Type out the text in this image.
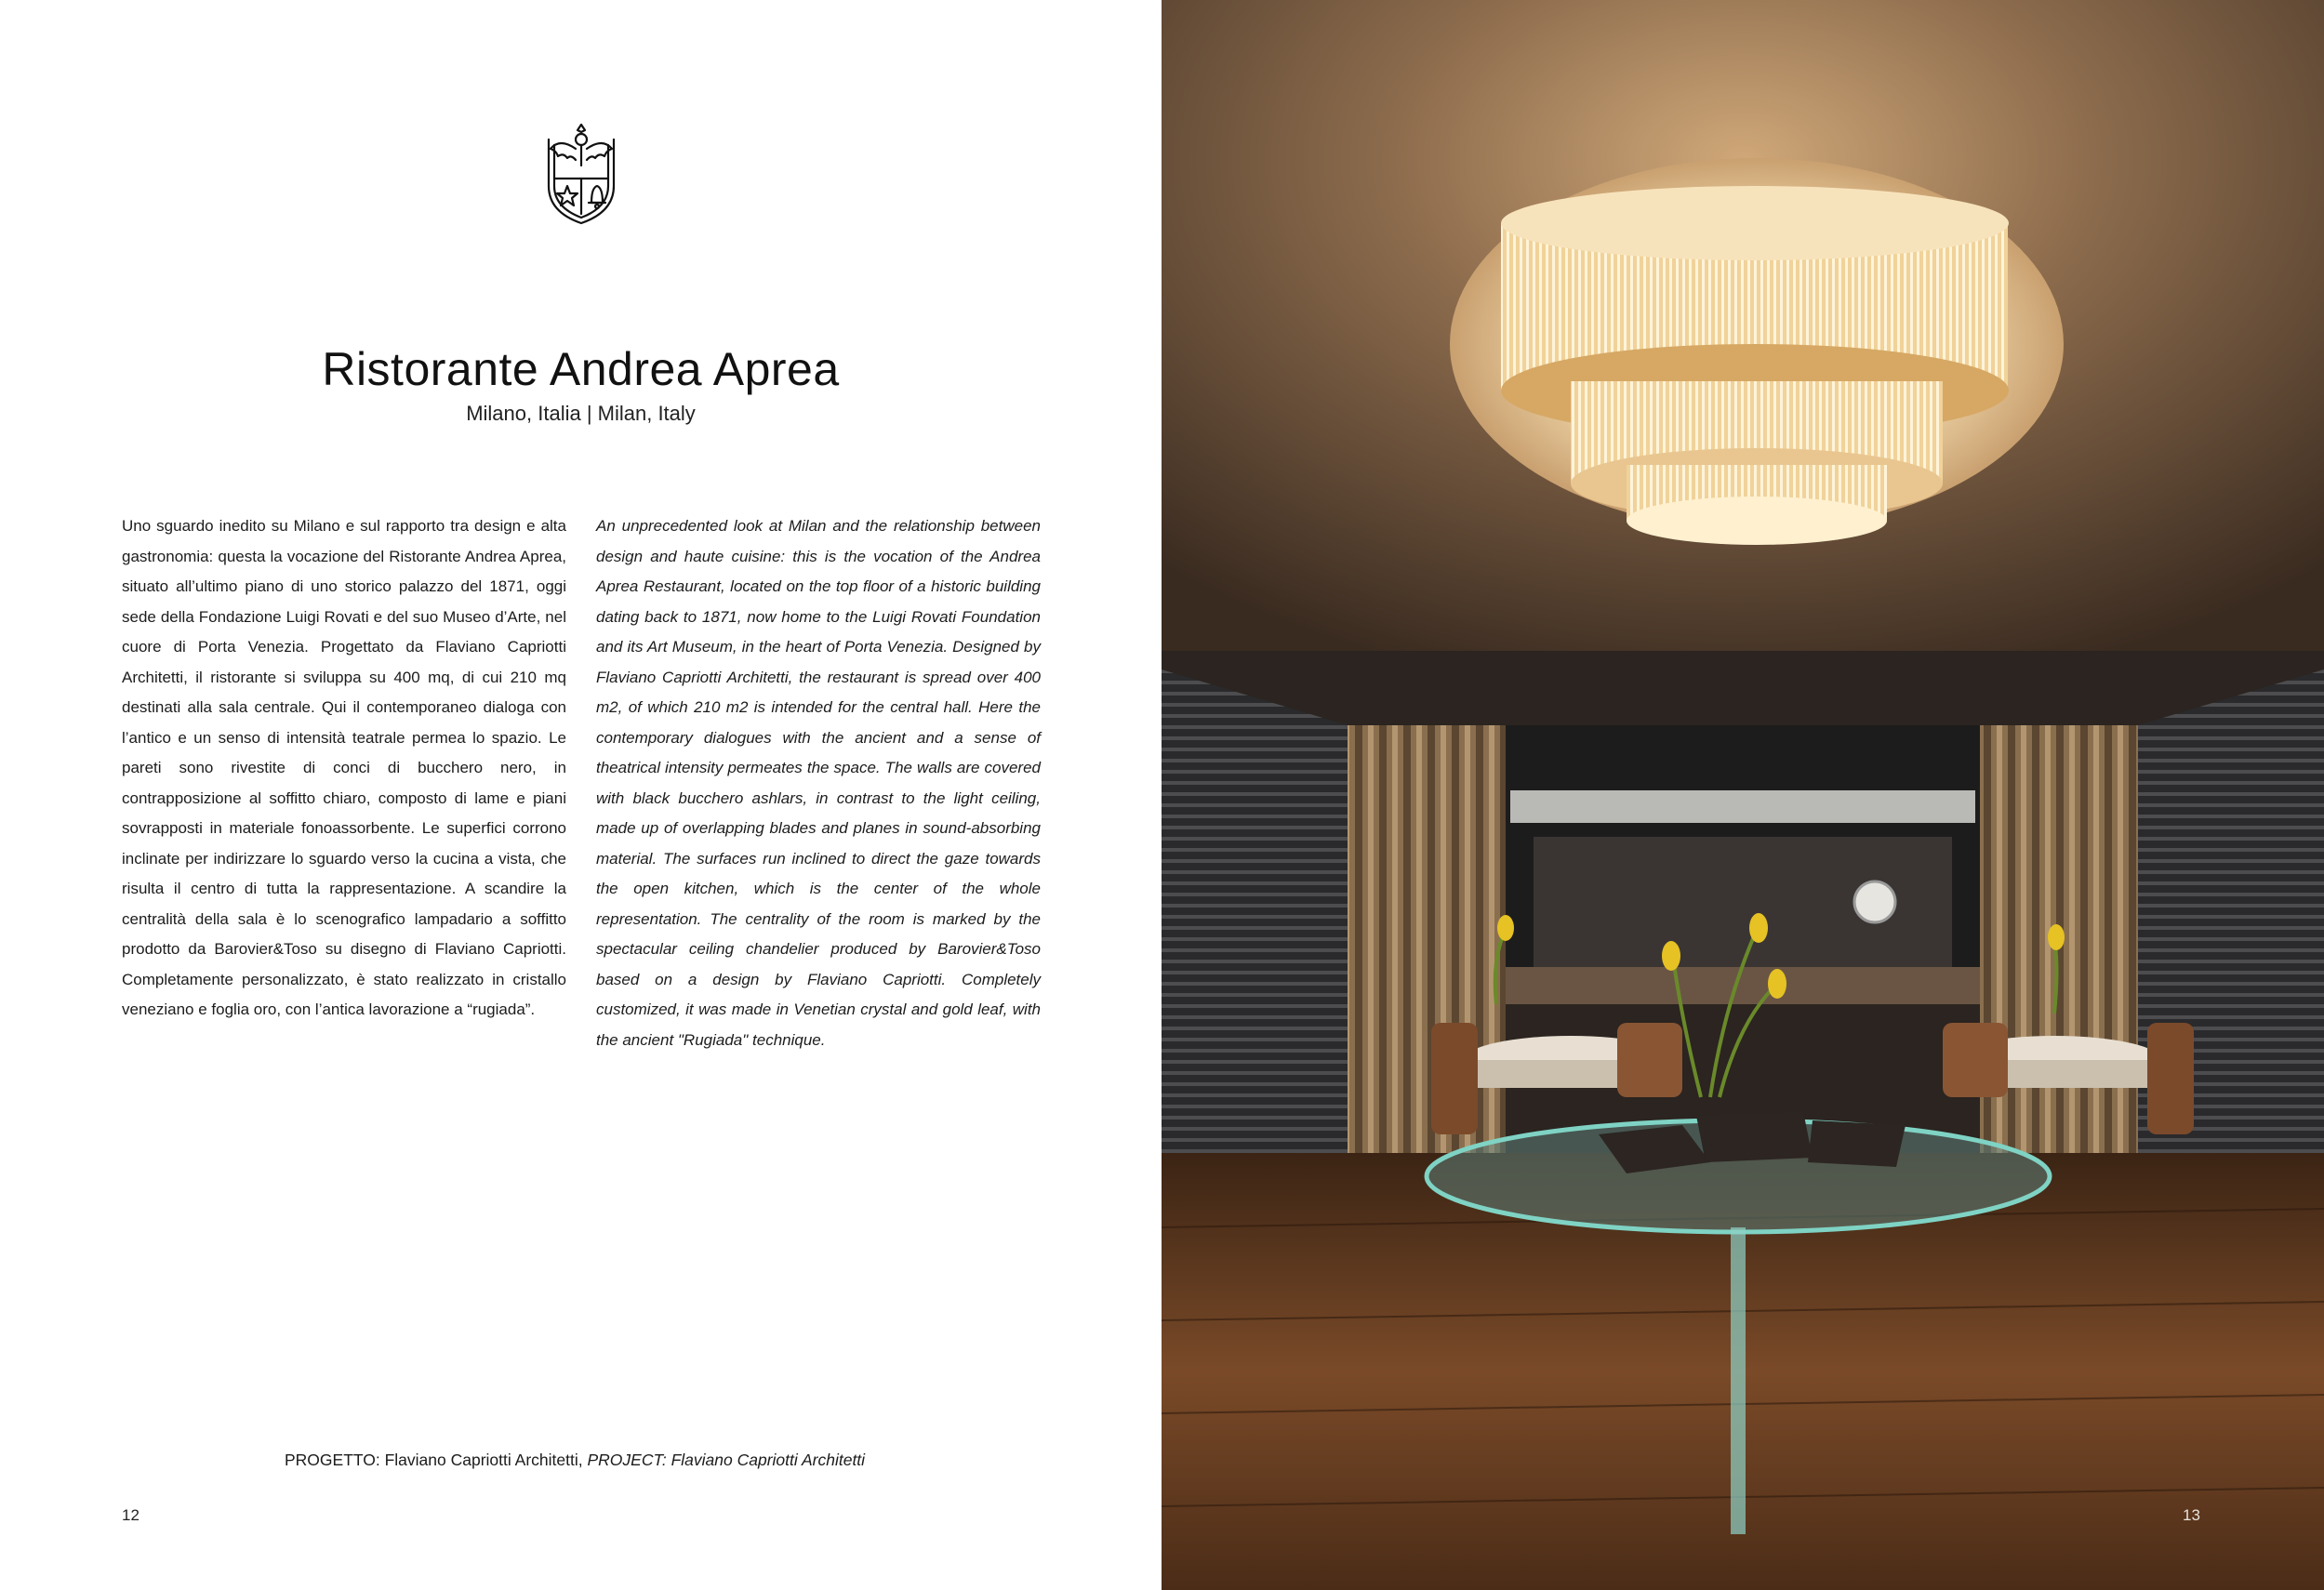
Ristorante Andrea Aprea
Milano, Italia | Milan, Italy
Uno sguardo inedito su Milano e sul rapporto tra design e alta gastronomia: questa la vocazione del Ristorante Andrea Aprea, situato all’ultimo piano di uno storico palazzo del 1871, oggi sede della Fondazione Luigi Rovati e del suo Museo d’Arte, nel cuore di Porta Venezia. Progettato da Flaviano Capriotti Architetti, il ristorante si sviluppa su 400 mq, di cui 210 mq destinati alla sala centrale. Qui il contemporaneo dialoga con l’antico e un senso di intensità teatrale permea lo spazio. Le pareti sono rivestite di conci di bucchero nero, in contrapposizione al soffitto chiaro, composto di lame e piani sovrapposti in materiale fonoassorbente. Le superfici corrono inclinate per indirizzare lo sguardo verso la cucina a vista, che risulta il centro di tutta la rappresentazione. A scandire la centralità della sala è lo scenografico lampadario a soffitto prodotto da Barovier&Toso su disegno di Flaviano Capriotti. Completamente personalizzato, è stato realizzato in cristallo veneziano e foglia oro, con l’antica lavorazione a “rugiada”.
An unprecedented look at Milan and the relationship between design and haute cuisine: this is the vocation of the Andrea Aprea Restaurant, located on the top floor of a historic building dating back to 1871, now home to the Luigi Rovati Foundation and its Art Museum, in the heart of Porta Venezia. Designed by Flaviano Capriotti Architetti, the restaurant is spread over 400 m2, of which 210 m2 is intended for the central hall. Here the contemporary dialogues with the ancient and a sense of theatrical intensity permeates the space. The walls are covered with black bucchero ashlars, in contrast to the light ceiling, made up of overlapping blades and planes in sound-absorbing material. The surfaces run inclined to direct the gaze towards the open kitchen, which is the center of the whole representation. The centrality of the room is marked by the spectacular ceiling chandelier produced by Barovier&Toso based on a design by Flaviano Capriotti. Completely customized, it was made in Venetian crystal and gold leaf, with the ancient "Rugiada" technique.
PROGETTO: Flaviano Capriotti Architetti, PROJECT: Flaviano Capriotti Architetti
12	13
